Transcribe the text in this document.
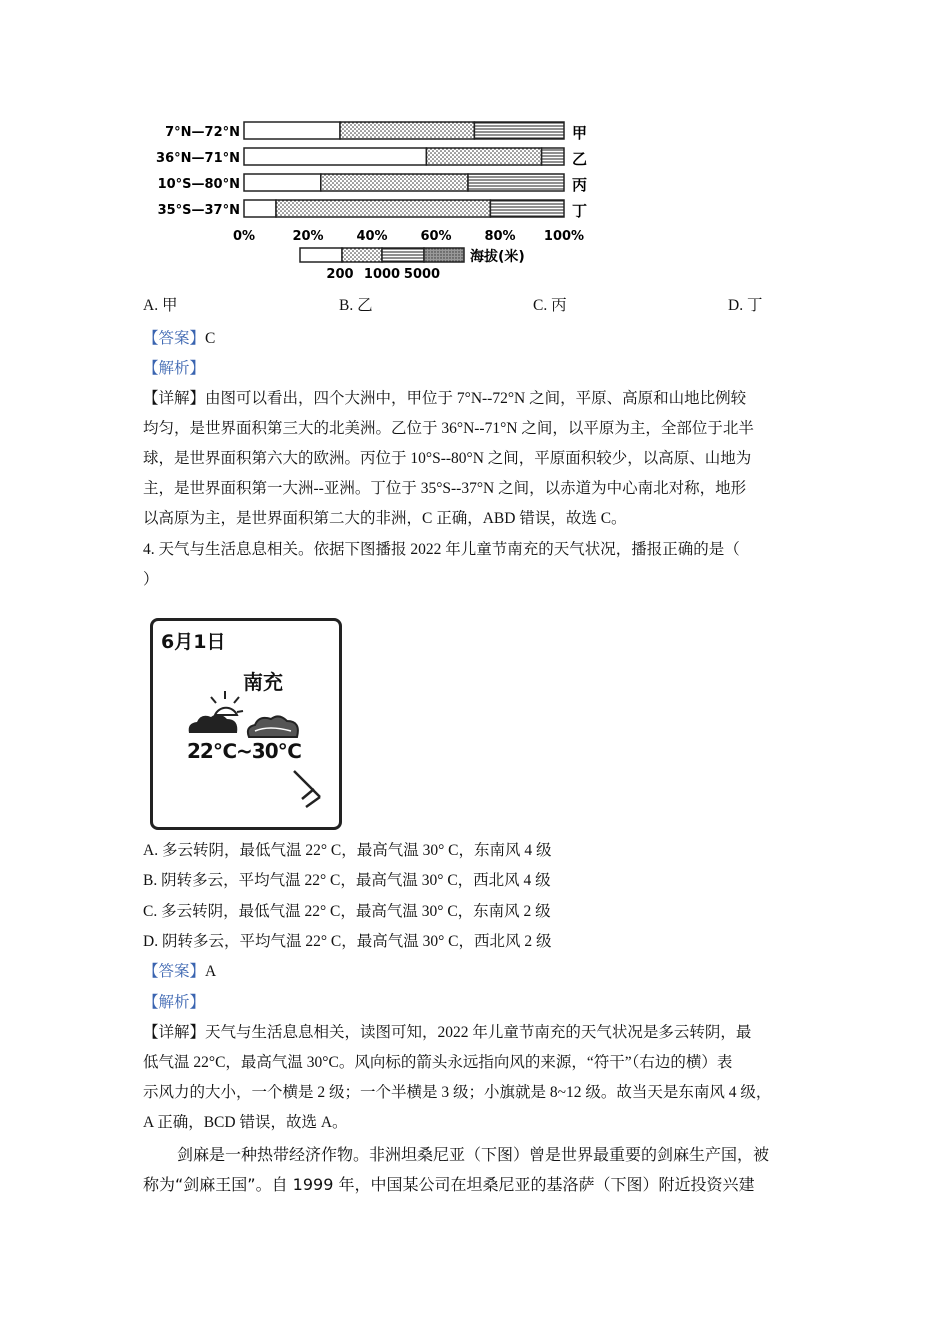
7°N—72°N	甲
36°N—71°N	乙
10°S—80°N	丙
35°S—37°N	丁
0%	20%	40%	60%	80% 100%
海拔(米)
200 1000 5000
A. 甲	B. 乙	C. 丙	D. 丁
【答案】C
【解析】
【详解】由图可以看出，四个大洲中，甲位于 7°N--72°N 之间，平原、高原和山地比例较
均匀，是世界面积第三大的北美洲。乙位于 36°N--71°N 之间，以平原为主，全部位于北半
球，是世界面积第六大的欧洲。丙位于 10°S--80°N 之间，平原面积较少，以高原、山地为
主，是世界面积第一大洲--亚洲。丁位于 35°S--37°N 之间，以赤道为中心南北对称，地形
以高原为主，是世界面积第二大的非洲，C 正确，ABD 错误，故选 C。
4. 天气与生活息息相关。依据下图播报 2022 年儿童节南充的天气状况，播报正确的是（
）
6月1日
南充
22℃~30℃
A. 多云转阴，最低气温 22° C，最高气温 30° C，东南风 4 级
B. 阴转多云，平均气温 22° C，最高气温 30° C，西北风 4 级
C. 多云转阴，最低气温 22° C，最高气温 30° C，东南风 2 级
D. 阴转多云，平均气温 22° C，最高气温 30° C，西北风 2 级
【答案】A
【解析】
【详解】天气与生活息息相关，读图可知，2022 年儿童节南充的天气状况是多云转阴，最
低气温 22°C，最高气温 30°C。风向标的箭头永远指向风的来源，“符干”（右边的横）表
示风力的大小，一个横是 2 级；一个半横是 3 级；小旗就是 8~12 级。故当天是东南风 4 级，
A 正确，BCD 错误，故选 A。
剑麻是一种热带经济作物。非洲坦桑尼亚（下图）曾是世界最重要的剑麻生产国，被
称为“剑麻王国”。自 1999 年，中国某公司在坦桑尼亚的基洛萨（下图）附近投资兴建
